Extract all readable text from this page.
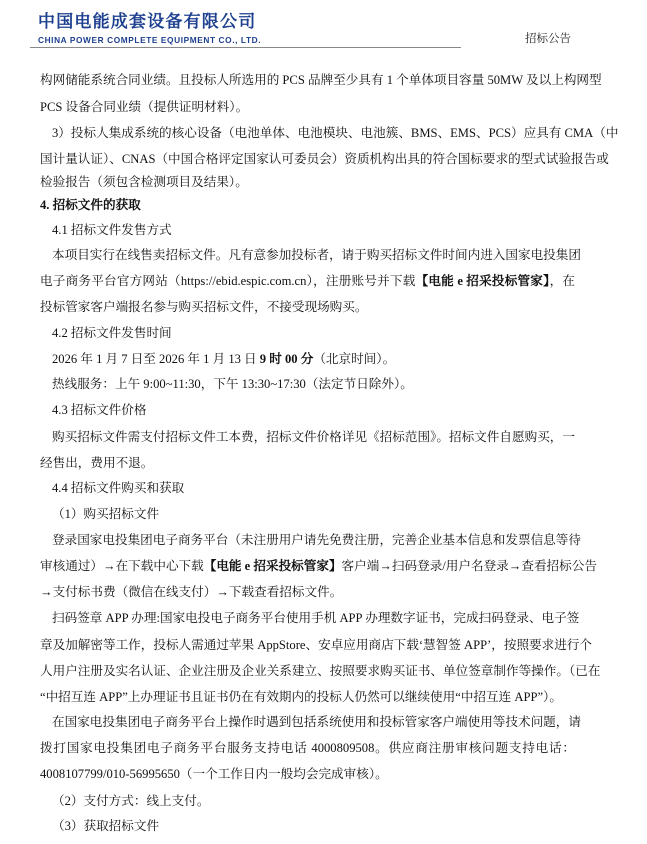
中国电能成套设备有限公司
CHINA POWER COMPLETE EQUIPMENT CO., LTD.	招标公告
构网储能系统合同业绩。且投标人所选用的 PCS 品牌至少具有 1 个单体项目容量 50MW 及以上构网型
PCS 设备合同业绩（提供证明材料）。
3）投标人集成系统的核心设备（电池单体、电池模块、电池簇、BMS、EMS、PCS）应具有 CMA（中
国计量认证）、CNAS（中国合格评定国家认可委员会）资质机构出具的符合国标要求的型式试验报告或
检验报告（须包含检测项目及结果）。
4. 招标文件的获取
4.1 招标文件发售方式
本项目实行在线售卖招标文件。凡有意参加投标者，请于购买招标文件时间内进入国家电投集团
电子商务平台官方网站（https://ebid.espic.com.cn），注册账号并下载【电能 e 招采投标管家】，在
投标管家客户端报名参与购买招标文件，不接受现场购买。
4.2 招标文件发售时间
2026 年 1 月 7 日至 2026 年 1 月 13 日 9 时 00 分（北京时间）。
热线服务：上午 9:00~11:30，下午 13:30~17:30（法定节日除外）。
4.3 招标文件价格
购买招标文件需支付招标文件工本费，招标文件价格详见《招标范围》。招标文件自愿购买，一
经售出，费用不退。
4.4 招标文件购买和获取
（1）购买招标文件
登录国家电投集团电子商务平台（未注册用户请先免费注册，完善企业基本信息和发票信息等待
审核通过）→在下载中心下载【电能 e 招采投标管家】客户端→扫码登录/用户名登录→查看招标公告
→支付标书费（微信在线支付）→下载查看招标文件。
扫码签章 APP 办理:国家电投电子商务平台使用手机 APP 办理数字证书，完成扫码登录、电子签
章及加解密等工作，投标人需通过苹果 AppStore、安卓应用商店下载‘慧智签 APP’，按照要求进行个
人用户注册及实名认证、企业注册及企业关系建立、按照要求购买证书、单位签章制作等操作。（已在
“中招互连 APP”上办理证书且证书仍在有效期内的投标人仍然可以继续使用“中招互连 APP”）。
在国家电投集团电子商务平台上操作时遇到包括系统使用和投标管家客户端使用等技术问题，请
拨打国家电投集团电子商务平台服务支持电话 4000809508。供应商注册审核问题支持电话：
4008107799/010-56995650（一个工作日内一般均会完成审核）。
（2）支付方式：线上支付。
（3）获取招标文件
